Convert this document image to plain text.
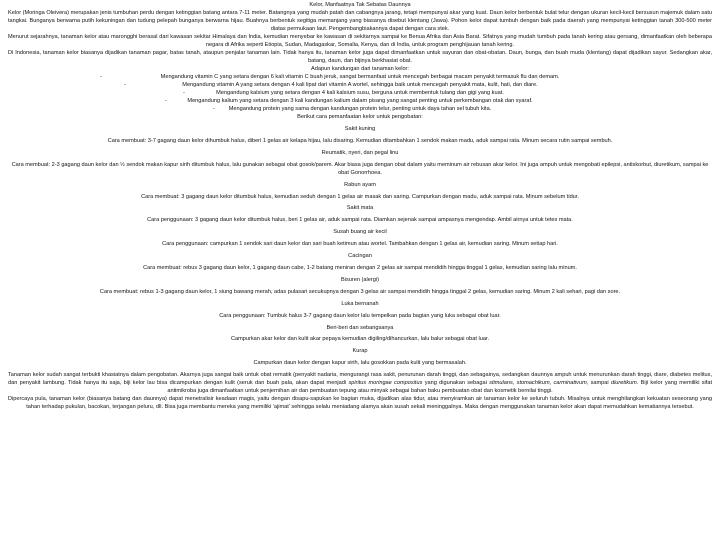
Kelor, Manfaatnya Tak Sebatas Daunnya

Kelor (Moringa Oleivera) merupakan jenis tumbuhan perdu dengan ketinggian batang antara 7-11 meter. Batangnya yang mudah patah dan cabangnya jarang, tetapi mempunyai akar yang kuat. Daun kelor berbentuk bulat telur dengan ukuran kecil-kecil bersusun majemuk dalam satu tangkai. Bunganya berwarna putih kekuningan dan tudung pelepah bunganya berwarna hijau. Buahnya berbentuk segitiga memanjang yang biasanya disebut klentang (Jawa). Pohon kelor dapat tumbuh dengan baik pada daerah yang mempunyai ketinggian tanah 300-500 meter diatas permukaan laut. Pengembangbiakannya dapat dengan cara stek.

Menurut sejarahnya, tanaman kelor atau marongghi berasal dari kawasan sekitar Himalaya dan India, kemudian menyebar ke kawasan di sekitarnya sampai ke Benua Afrika dan Asia Barat. Sifatnya yang mudah tumbuh pada tanah kering atau gersang, dimanfaatkan oleh beberapa negara di Afrika seperti Etiopia, Sudan, Madagaskar, Somalia, Kenya, dan di India, untuk program penghijauan tanah kering.

Di Indonesia, tanaman kelor biasanya dijadikan tanaman pagar, batas tanah, ataupun penjalar tanaman lain. Tidak hanya itu, tanaman kelor juga dapat dimanfaatkan untuk sayuran dan obat-obatan. Daun, bunga, dan buah muda (klentang) dapat dijadikan sayur. Sedangkan akar, batang, daun, dan bijinya berkhasiat obat.

Adapun kandungan dari tanaman kelor:

-	Mengandung vitamin C yang setara dengan 6 kali vitamin C buah jeruk, sangat bermanfaat untuk mencegah berbagai macam penyakit termasuk flu dan demam.
-	Mengandung vitamin A yang setara dengan 4 kali lipat dari vitamin A wortel, sehingga baik untuk mencegah penyakit mata, kulit, hati, dan diare.
-	Mengandung kalsium yang setara dengan 4 kali kalsium susu, berguna untuk membentuk tulang dan gigi yang kuat.
-	Mengandung kalium yang setara dengan 3 kali kandungan kalium dalam pisang yang sangat penting untuk perkembangan otak dan syaraf.
- Mengandung protein yang sama dengan kandungan protein telur, penting untuk daya tahan sel tubuh kita.

Berikut cara pemanfaatan kelor untuk pengobatan:

Sakit kuning

Cara membuat: 3-7 gagang daun kelor dihumbuk halus, diberi 1 gelas air kelapa hijau, lalu disaring. Kemudian ditambahkan 1 sendok makan madu, aduk sampai rata. Minum secara rutin sampai sembuh.

Reumatik, nyeri, dan pegal linu

Cara membuat: 2-3 gagang daun kelor dan ½ sendok makan kapur sirih ditumbuk halus, lalu gunakan sebagai obat gosok/parem. Akar biasa juga dengan obat dalam yaitu meminum air rebusan akar kelor. Ini juga ampuh untuk mengobati epilepsi, antiskorbut, diuretikum, sampai ke obat Gonorrhoea.

Rabun ayam

Cara membuat: 3 gagang daun kelor ditumbuk halus, kemudian seduh dengan 1 gelas air masak dan saring. Campurkan dengan madu, aduk sampai rata. Minum sebelum tidur.

Sakit mata

Cara penggunaan: 3 gagang daun kelor ditumbuk halus, beri 1 gelas air, aduk sampai rata. Diamkan sejenak sampai ampasnya mengendap. Ambil airnya untuk tetes mata.

Susah buang air kecil

Cara penggunaan: campurkan 1 sendok sari daun kelor dan sari buah ketimun atau wortel. Tambahkan dengan 1 gelas air, kemudian saring. Minum setiap hari.

Cacingan

Cara membuat: rebus 3 gagang daun kelor, 1 gagang daun cabe, 1-2 batang meniran dengan 2 gelas air sampai mendidih hingga tinggal 1 gelas, kemudian saring lalu minum.

Bisuren (alergi)

Cara membuat: rebus 1-3 gagang daun kelor, 1 siung bawang merah, adas pulasari secukupnya dengan 3 gelas air sampai mendidih hingga tinggal 2 gelas, kemudian saring. Minum 2 kali sehari, pagi dan sore.

Luka bernanah

Cara penggunaan: Tumbuk halus 3-7 gagang daun kelor lalu tempelkan pada bagian yang luka sebagai obat luar.

Beri-beri dan sebangsanya

Campurkan akar kelor dan kulit akar pepaya kemudian digiling/dihancurkan, lalu balur sebagai obat luar.

Kurap

Campurkan daun kelor dengan kapur sirih, lalu gosokkan pada kulit yang bermasalah.

Tanaman kelor sudah sangat terbukti khasiatnya dalam pengobatan. Akarnya juga sangat baik untuk obat rematik (penyakit nadaria, mengurangi rasa sakit, penurunan darah tinggi, dan sebagainya, sedangkan daunnya ampuh untuk menurunkan darah tinggi, diare, diabetes melitus, dan penyakit lambung. Tidak hanya itu saja, biji kelor lau bisa dicampurkan dengan kulit (seruk dan buah pala, akan dapat menjadi spiritus moringae compositus yang digunakan sebagai stimulans, stomachikum, carminativum, sampai diuretikum. Biji kelor yang memiliki sifat antimikroba juga dimanfaatkan untuk penjernihan air dan pembuatan tepung atau minyak sebagai bahan baku pembuatan obat dan kosmetik bernilai tinggi.

Dipercaya pula, tanaman kelor (biasanya batang dan daunnya) dapat menetralisir keadaan magis, yaitu dengan disapu-sapukan ke bagian muka, dijadikan alas tidur, atau menyiramkan air tanaman kelor ke seluruh tubuh. Misalnya untuk menghilangkan kekuatan seseorang yang tahan terhadap pukulan, bacokan, terjangan peluru, dll. Bisa juga membantu mereka yang memiliki 'ajimat' sehingga selalu meniadang alamya akan susah sekali meninggalnya. Maka dengan menggunakan tanaman kelor akan dapat memudahkan kematiannya tersebut.
